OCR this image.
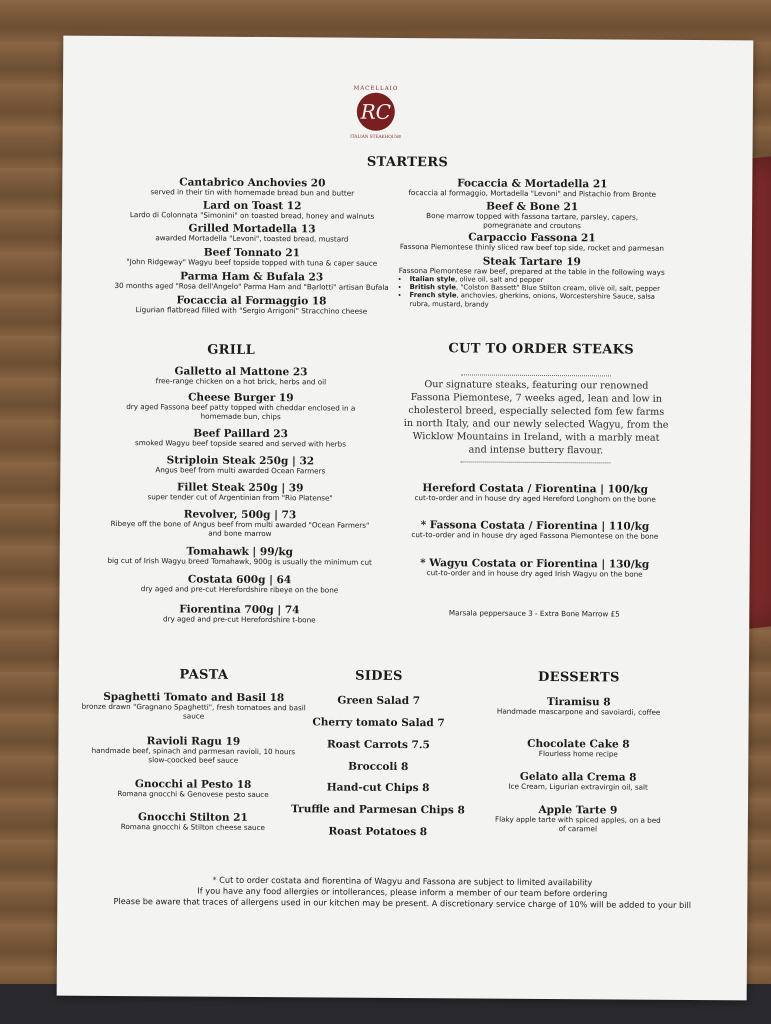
RC
MACELLAIO
ITALIAN STEAKHOUSE
STARTERS
Cantabrico Anchovies 20
served in their tin with homemade bread bun and butter
Lard on Toast 12
Lardo di Colonnata "Simonini" on toasted bread, honey and walnuts
Grilled Mortadella 13
awarded Mortadella "Levoni", toasted bread, mustard
Beef Tonnato 21
"John Ridgeway" Wagyu beef topside topped with tuna & caper sauce
Parma Ham & Bufala 23
30 months aged "Rosa dell'Angelo" Parma Ham and "Barlotti" artisan Bufala
Focaccia al Formaggio 18
Ligurian flatbread filled with "Sergio Arrigoni" Stracchino cheese
Focaccia & Mortadella 21
focaccia al formaggio, Mortadella "Levoni" and Pistachio from Bronte
Beef & Bone 21
Bone marrow topped with fassona tartare, parsley, capers, pomegranate and croutons
Carpaccio Fassona 21
Fassona Piemontese thinly sliced raw beef top side, rocket and parmesan
Steak Tartare 19
Fassona Piemontese raw beef, prepared at the table in the following ways
• Italian style, olive oil, salt and pepper
• British style, "Colston Bassett" Blue Stilton cream, olive oil, salt, pepper
• French style, anchovies, gherkins, onions, Worcestershire Sauce, salsa rubra, mustard, brandy
GRILL
Galletto al Mattone 23
free-range chicken on a hot brick, herbs and oil
Cheese Burger 19
dry aged Fassona beef patty topped with cheddar enclosed in a homemade bun, chips
Beef Paillard 23
smoked Wagyu beef topside seared and served with herbs
Striploin Steak 250g | 32
Angus beef from multi awarded Ocean Farmers
Fillet Steak 250g | 39
super tender cut of Argentinian from "Rio Platense"
Revolver, 500g | 73
Ribeye off the bone of Angus beef from multi awarded "Ocean Farmers" and bone marrow
Tomahawk | 99/kg
big cut of Irish Wagyu breed Tomahawk, 900g is usually the minimum cut
Costata 600g | 64
dry aged and pre-cut Herefordshire ribeye on the bone
Fiorentina 700g | 74
dry aged and pre-cut Herefordshire t-bone
CUT TO ORDER STEAKS
Our signature steaks, featuring our renowned Fassona Piemontese, 7 weeks aged, lean and low in cholesterol breed, especially selected fom few farms in north Italy, and our newly selected Wagyu, from the Wicklow Mountains in Ireland, with a marbly meat and intense buttery flavour.
Hereford Costata / Fiorentina | 100/kg
cut-to-order and in house dry aged Hereford Longhorn on the bone
* Fassona Costata / Fiorentina | 110/kg
cut-to-order and in house dry aged Fassona Piemontese on the bone
* Wagyu Costata or Fiorentina | 130/kg
cut-to-order and in house dry aged Irish Wagyu on the bone
Marsala peppersauce 3 - Extra Bone Marrow £5
PASTA
Spaghetti Tomato and Basil 18
bronze drawn "Gragnano Spaghetti", fresh tomatoes and basil sauce
Ravioli Ragu 19
handmade beef, spinach and parmesan ravioli, 10 hours slow-coocked beef sauce
Gnocchi al Pesto 18
Romana gnocchi & Genovese pesto sauce
Gnocchi Stilton 21
Romana gnocchi & Stilton cheese sauce
SIDES
Green Salad 7
Cherry tomato Salad 7
Roast Carrots 7.5
Broccoli 8
Hand-cut Chips 8
Truffle and Parmesan Chips 8
Roast Potatoes 8
DESSERTS
Tiramisu 8
Handmade mascarpone and savoiardi, coffee
Chocolate Cake 8
Flourless home recipe
Gelato alla Crema 8
Ice Cream, Ligurian extravirgin oil, salt
Apple Tarte 9
Flaky apple tarte with spiced apples, on a bed of caramel
* Cut to order costata and fiorentina of Wagyu and Fassona are subject to limited availability
If you have any food allergies or intollerances, please inform a member of our team before ordering
Please be aware that traces of allergens used in our kitchen may be present. A discretionary service charge of 10% will be added to your bill
